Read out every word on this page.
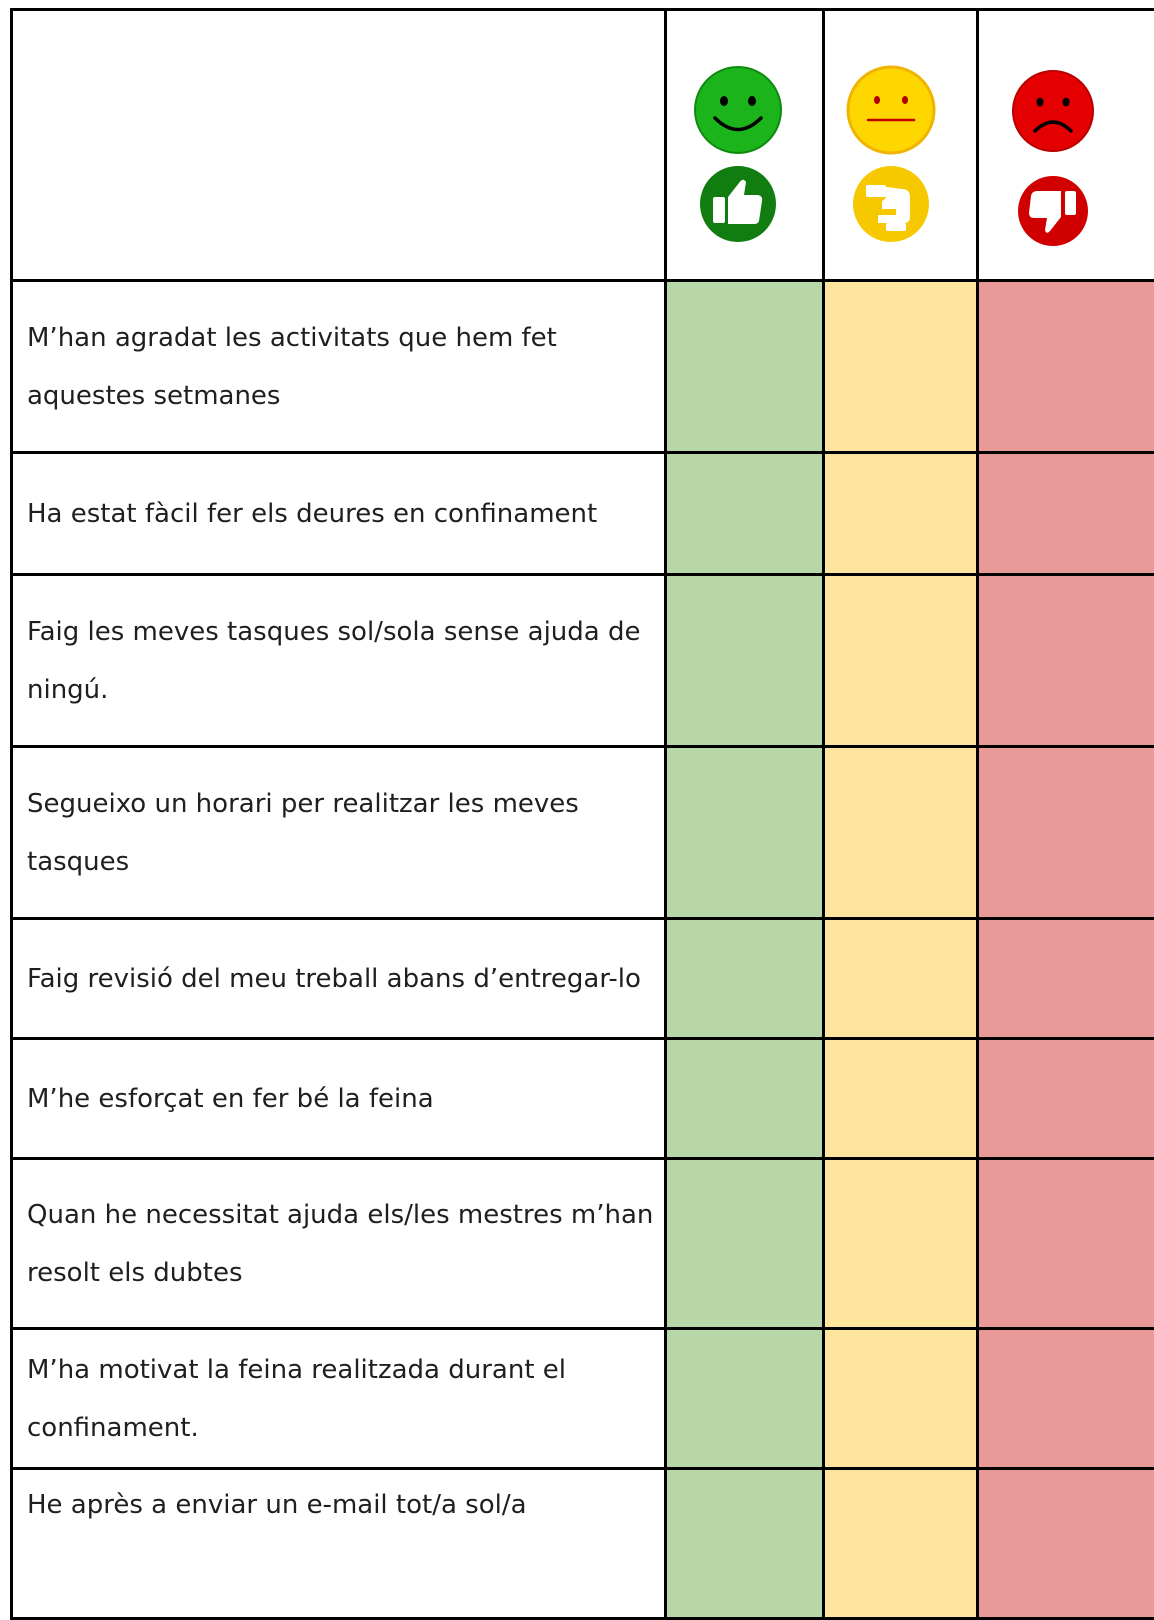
M’han agradat les activitats que hem fet aquestes setmanes			
Ha estat fàcil fer els deures en confinament			
Faig les meves tasques sol/sola sense ajuda de ningú.			
Segueixo un horari per realitzar les meves tasques			
Faig revisió del meu treball abans d’entregar-lo			
M’he esforçat en fer bé la feina			
Quan he necessitat ajuda els/les mestres m’han resolt els dubtes			
M’ha motivat la feina realitzada durant el confinament.			
He après a enviar un e-mail tot/a sol/a			
